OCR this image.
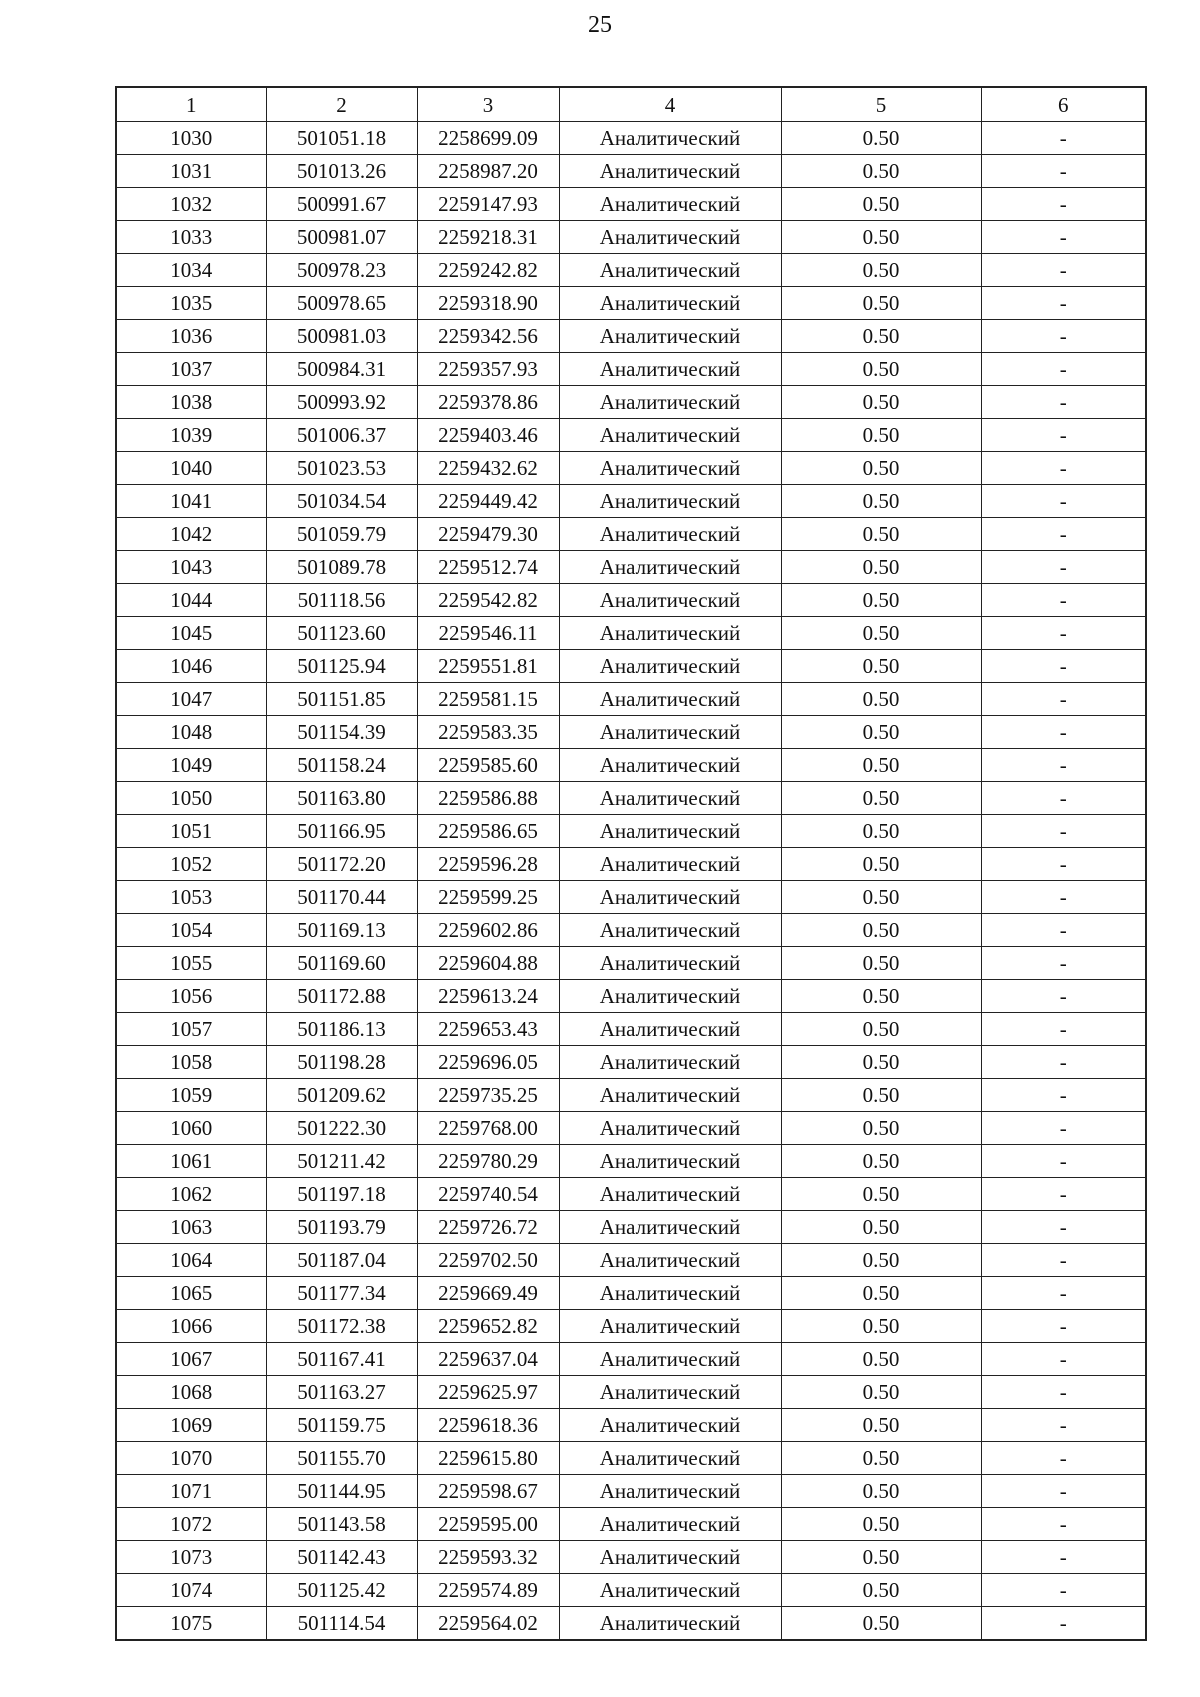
25
1	2	3	4	5	6
1030	501051.18	2258699.09	Аналитический	0.50	-
1031	501013.26	2258987.20	Аналитический	0.50	-
1032	500991.67	2259147.93	Аналитический	0.50	-
1033	500981.07	2259218.31	Аналитический	0.50	-
1034	500978.23	2259242.82	Аналитический	0.50	-
1035	500978.65	2259318.90	Аналитический	0.50	-
1036	500981.03	2259342.56	Аналитический	0.50	-
1037	500984.31	2259357.93	Аналитический	0.50	-
1038	500993.92	2259378.86	Аналитический	0.50	-
1039	501006.37	2259403.46	Аналитический	0.50	-
1040	501023.53	2259432.62	Аналитический	0.50	-
1041	501034.54	2259449.42	Аналитический	0.50	-
1042	501059.79	2259479.30	Аналитический	0.50	-
1043	501089.78	2259512.74	Аналитический	0.50	-
1044	501118.56	2259542.82	Аналитический	0.50	-
1045	501123.60	2259546.11	Аналитический	0.50	-
1046	501125.94	2259551.81	Аналитический	0.50	-
1047	501151.85	2259581.15	Аналитический	0.50	-
1048	501154.39	2259583.35	Аналитический	0.50	-
1049	501158.24	2259585.60	Аналитический	0.50	-
1050	501163.80	2259586.88	Аналитический	0.50	-
1051	501166.95	2259586.65	Аналитический	0.50	-
1052	501172.20	2259596.28	Аналитический	0.50	-
1053	501170.44	2259599.25	Аналитический	0.50	-
1054	501169.13	2259602.86	Аналитический	0.50	-
1055	501169.60	2259604.88	Аналитический	0.50	-
1056	501172.88	2259613.24	Аналитический	0.50	-
1057	501186.13	2259653.43	Аналитический	0.50	-
1058	501198.28	2259696.05	Аналитический	0.50	-
1059	501209.62	2259735.25	Аналитический	0.50	-
1060	501222.30	2259768.00	Аналитический	0.50	-
1061	501211.42	2259780.29	Аналитический	0.50	-
1062	501197.18	2259740.54	Аналитический	0.50	-
1063	501193.79	2259726.72	Аналитический	0.50	-
1064	501187.04	2259702.50	Аналитический	0.50	-
1065	501177.34	2259669.49	Аналитический	0.50	-
1066	501172.38	2259652.82	Аналитический	0.50	-
1067	501167.41	2259637.04	Аналитический	0.50	-
1068	501163.27	2259625.97	Аналитический	0.50	-
1069	501159.75	2259618.36	Аналитический	0.50	-
1070	501155.70	2259615.80	Аналитический	0.50	-
1071	501144.95	2259598.67	Аналитический	0.50	-
1072	501143.58	2259595.00	Аналитический	0.50	-
1073	501142.43	2259593.32	Аналитический	0.50	-
1074	501125.42	2259574.89	Аналитический	0.50	-
1075	501114.54	2259564.02	Аналитический	0.50	-
